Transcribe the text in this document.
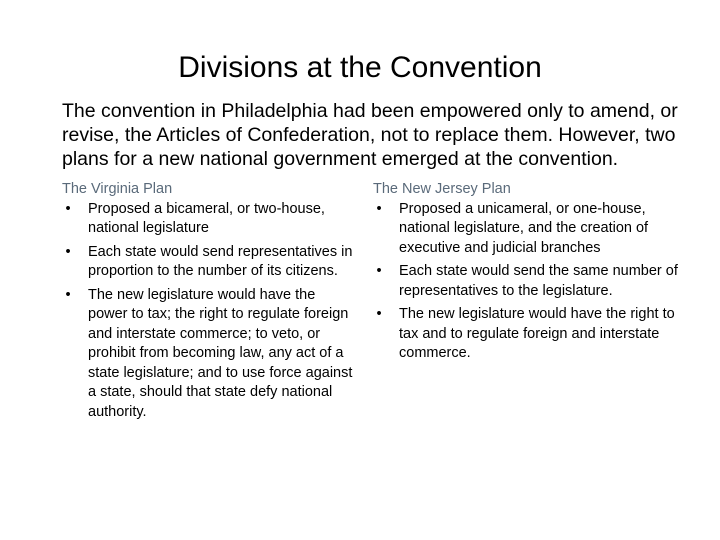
Divisions at the Convention

The convention in Philadelphia had been empowered only to amend, or revise, the Articles of Confederation, not to replace them. However, two plans for a new national government emerged at the convention.

The Virginia Plan
• Proposed a bicameral, or two-house, national legislature
• Each state would send representatives in proportion to the number of its citizens.
• The new legislature would have the power to tax; the right to regulate foreign and interstate commerce; to veto, or prohibit from becoming law, any act of a state legislature; and to use force against a state, should that state defy national authority.
The New Jersey Plan
• Proposed a unicameral, or one-house, national legislature, and the creation of executive and judicial branches
• Each state would send the same number of representatives to the legislature.
• The new legislature would have the right to tax and to regulate foreign and interstate commerce.
